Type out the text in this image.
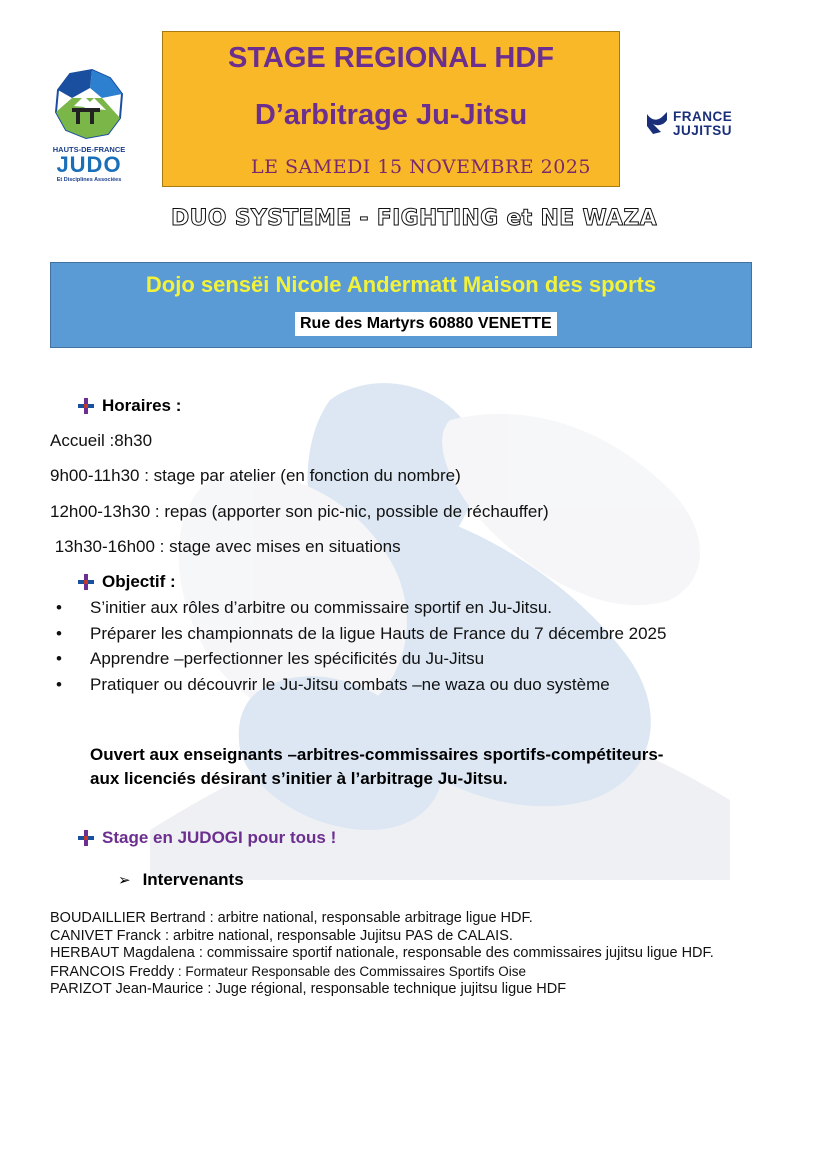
HAUTS-DE-FRANCE
JUDO
Et Disciplines Associées
STAGE REGIONAL HDF
D’arbitrage Ju-Jitsu
LE SAMEDI 15 NOVEMBRE 2025
FRANCE
JUJITSU
DUO SYSTEME - FIGHTING et NE WAZA
Dojo sensëi Nicole Andermatt Maison des sports
Rue des Martyrs 60880 VENETTE
Horaires :
Accueil :8h30
9h00-11h30 : stage par atelier (en fonction du nombre)
12h00-13h30 : repas (apporter son pic-nic, possible de réchauffer)
13h30-16h00 : stage avec mises en situations
Objectif :
• S’initier aux rôles d’arbitre ou commissaire sportif en Ju-Jitsu.
• Préparer les championnats de la ligue Hauts de France du 7 décembre 2025
• Apprendre –perfectionner les spécificités du Ju-Jitsu
• Pratiquer ou découvrir le Ju-Jitsu combats –ne waza ou duo système
Ouvert aux enseignants –arbitres-commissaires sportifs-compétiteurs-
aux licenciés désirant s’initier à l’arbitrage Ju-Jitsu.
Stage en JUDOGI pour tous !
➢ Intervenants
BOUDAILLIER Bertrand : arbitre national, responsable arbitrage ligue HDF.
CANIVET Franck : arbitre national, responsable Jujitsu PAS de CALAIS.
HERBAUT Magdalena : commissaire sportif nationale, responsable des commissaires jujitsu ligue HDF.
FRANCOIS Freddy : Formateur Responsable des Commissaires Sportifs Oise
PARIZOT Jean-Maurice : Juge régional, responsable technique jujitsu ligue HDF
